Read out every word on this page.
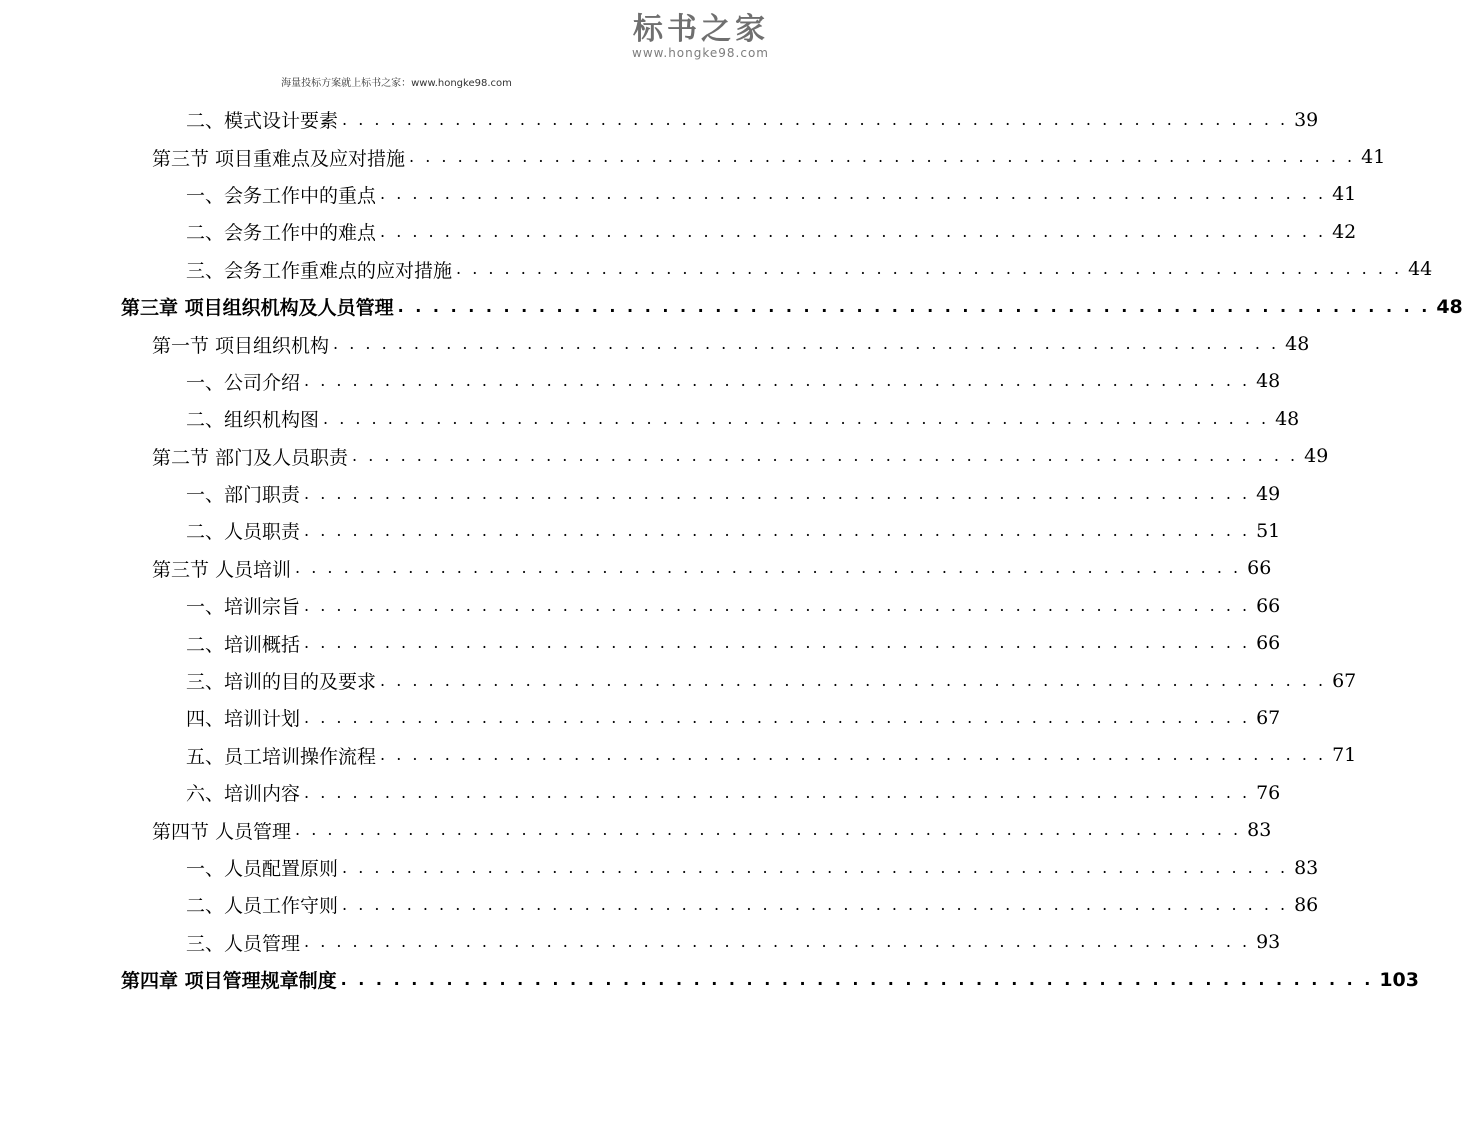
标书之家
www.hongke98.com
海量投标方案就上标书之家：www.hongke98.com
二、模式设计要素 . . . . . . . . . . . . . . . . . . . . . . . . . . . . . . . . . . . . . . . . . . . . . . . . . . . . . . . . . . . 39
第三节 项目重难点及应对措施 . . . . . . . . . . . . . . . . . . . . . . . . . . . . . . . . . . . . . . . . . . . . . . . . . . . . . . . . . . . 41
一、会务工作中的重点 . . . . . . . . . . . . . . . . . . . . . . . . . . . . . . . . . . . . . . . . . . . . . . . . . . . . . . . . . . . 41
二、会务工作中的难点 . . . . . . . . . . . . . . . . . . . . . . . . . . . . . . . . . . . . . . . . . . . . . . . . . . . . . . . . . . . 42
三、会务工作重难点的应对措施 . . . . . . . . . . . . . . . . . . . . . . . . . . . . . . . . . . . . . . . . . . . . . . . . . . . . . . . . . . . 44
第三章 项目组织机构及人员管理 . . . . . . . . . . . . . . . . . . . . . . . . . . . . . . . . . . . . . . . . . . . . . . . . . . . . . . . . . . . 48
第一节 项目组织机构 . . . . . . . . . . . . . . . . . . . . . . . . . . . . . . . . . . . . . . . . . . . . . . . . . . . . . . . . . . . 48
一、公司介绍 . . . . . . . . . . . . . . . . . . . . . . . . . . . . . . . . . . . . . . . . . . . . . . . . . . . . . . . . . . . 48
二、组织机构图 . . . . . . . . . . . . . . . . . . . . . . . . . . . . . . . . . . . . . . . . . . . . . . . . . . . . . . . . . . . 48
第二节 部门及人员职责 . . . . . . . . . . . . . . . . . . . . . . . . . . . . . . . . . . . . . . . . . . . . . . . . . . . . . . . . . . . 49
一、部门职责 . . . . . . . . . . . . . . . . . . . . . . . . . . . . . . . . . . . . . . . . . . . . . . . . . . . . . . . . . . . 49
二、人员职责 . . . . . . . . . . . . . . . . . . . . . . . . . . . . . . . . . . . . . . . . . . . . . . . . . . . . . . . . . . . 51
第三节 人员培训 . . . . . . . . . . . . . . . . . . . . . . . . . . . . . . . . . . . . . . . . . . . . . . . . . . . . . . . . . . . 66
一、培训宗旨 . . . . . . . . . . . . . . . . . . . . . . . . . . . . . . . . . . . . . . . . . . . . . . . . . . . . . . . . . . . 66
二、培训概括 . . . . . . . . . . . . . . . . . . . . . . . . . . . . . . . . . . . . . . . . . . . . . . . . . . . . . . . . . . . 66
三、培训的目的及要求 . . . . . . . . . . . . . . . . . . . . . . . . . . . . . . . . . . . . . . . . . . . . . . . . . . . . . . . . . . . 67
四、培训计划 . . . . . . . . . . . . . . . . . . . . . . . . . . . . . . . . . . . . . . . . . . . . . . . . . . . . . . . . . . . 67
五、员工培训操作流程 . . . . . . . . . . . . . . . . . . . . . . . . . . . . . . . . . . . . . . . . . . . . . . . . . . . . . . . . . . . 71
六、培训内容 . . . . . . . . . . . . . . . . . . . . . . . . . . . . . . . . . . . . . . . . . . . . . . . . . . . . . . . . . . . 76
第四节 人员管理 . . . . . . . . . . . . . . . . . . . . . . . . . . . . . . . . . . . . . . . . . . . . . . . . . . . . . . . . . . . 83
一、人员配置原则 . . . . . . . . . . . . . . . . . . . . . . . . . . . . . . . . . . . . . . . . . . . . . . . . . . . . . . . . . . . 83
二、人员工作守则 . . . . . . . . . . . . . . . . . . . . . . . . . . . . . . . . . . . . . . . . . . . . . . . . . . . . . . . . . . . 86
三、人员管理 . . . . . . . . . . . . . . . . . . . . . . . . . . . . . . . . . . . . . . . . . . . . . . . . . . . . . . . . . . . 93
第四章 项目管理规章制度 . . . . . . . . . . . . . . . . . . . . . . . . . . . . . . . . . . . . . . . . . . . . . . . . . . . . . . . . . . . 103
